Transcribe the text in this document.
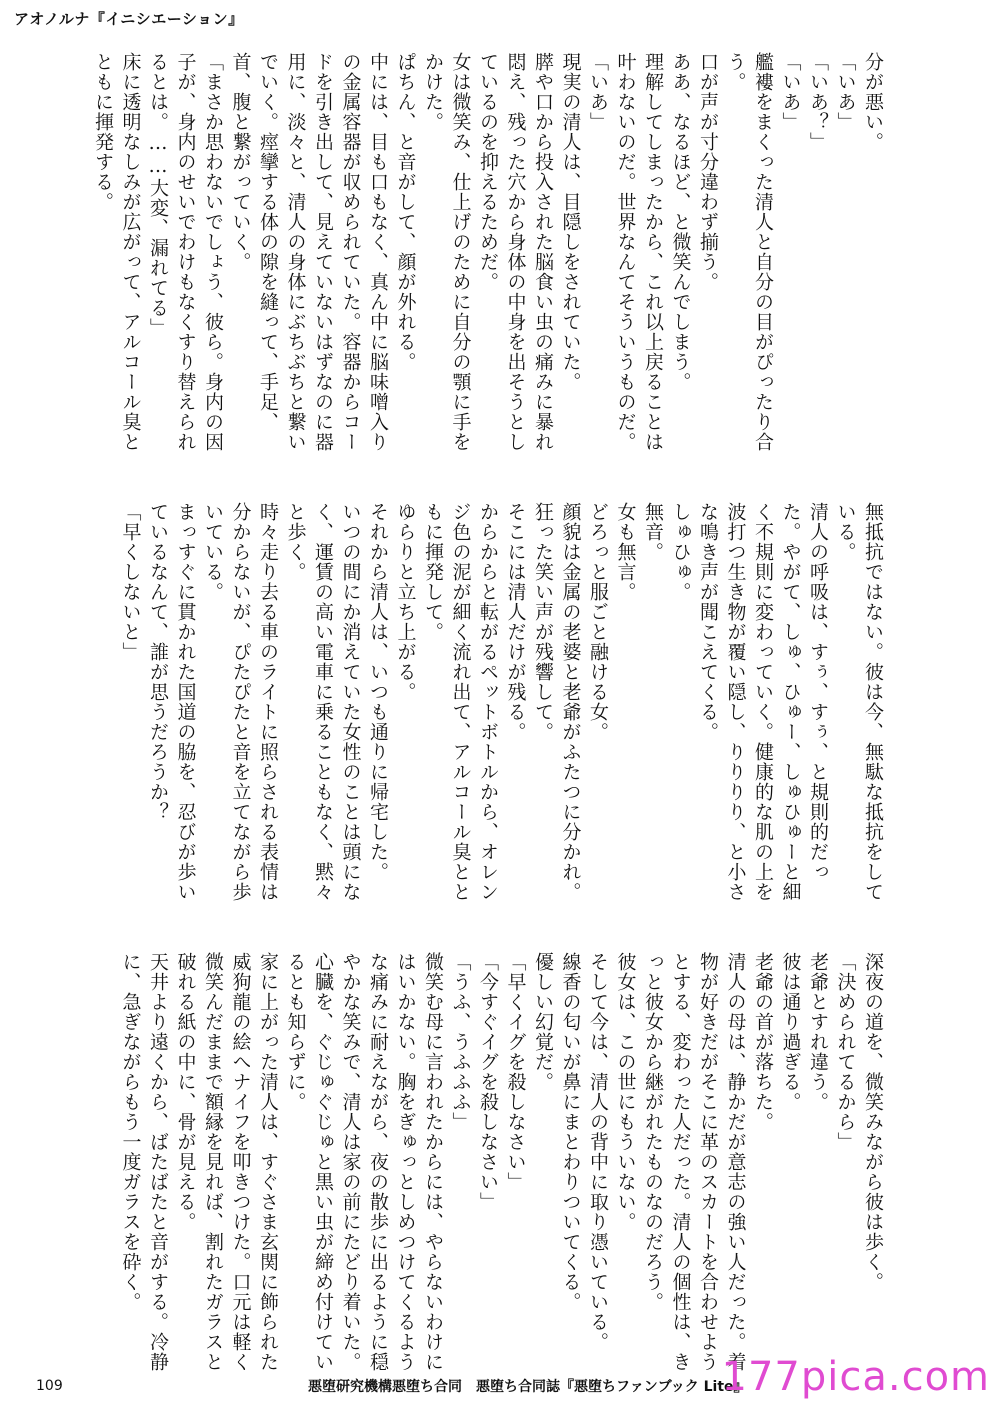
アオノルナ『イニシエーション』

分が悪い。

「いあ」

「いあ？」

「いあ」

艦褸をまくった清人と自分の目がぴったり合う。

口が声が寸分違わず揃う。

ああ、なるほど、と微笑んでしまう。

理解してしまったから、これ以上戻ることは叶わないのだ。世界なんてそういうものだ。

「いあ」

現実の清人は、目隠しをされていた。

膵や口から投入された脳食い虫の痛みに暴れ悶え、残った穴から身体の中身を出そうとしているのを抑えるためだ。

女は微笑み、仕上げのために自分の顎に手をかけた。

ぱちん、と音がして、顔が外れる。

中には、目も口もなく、真ん中に脳味噌入りの金属容器が収められていた。容器からコードを引き出して、見えていないはずなのに器用に、淡々と、清人の身体にぶちぶちと繋いでいく。痙攣する体の隙を縫って、手足、首、腹と繋がっていく。

「まさか思わないでしょう、彼ら。身内の因子が、身内のせいでわけもなくすり替えられるとは。……大変、漏れてる」

床に透明なしみが広がって、アルコール臭とともに揮発する。

無抵抗ではない。彼は今、無駄な抵抗をしている。

清人の呼吸は、すぅ、すぅ、と規則的だった。やがて、しゅ、ひゅー、しゅひゅーと細く不規則に変わっていく。健康的な肌の上を波打つ生き物が覆い隠し、りりりり、と小さな鳴き声が聞こえてくる。

しゅひゅ。

無音。

女も無言。

どろっと服ごと融ける女。

顔貌は金属の老婆と老爺がふたつに分かれ。

狂った笑い声が残響して。

そこには清人だけが残る。

からからと転がるペットボトルから、オレンジ色の泥が細く流れ出て、アルコール臭とともに揮発して。

ゆらりと立ち上がる。

それから清人は、いつも通りに帰宅した。

いつの間にか消えていた女性のことは頭になく、運賃の高い電車に乗ることもなく、黙々と歩く。

時々走り去る車のライトに照らされる表情は分からないが、ぴたぴたと音を立てながら歩いている。

まっすぐに貫かれた国道の脇を、忍びが歩いているなんて、誰が思うだろうか？

「早くしないと」

深夜の道を、微笑みながら彼は歩く。

「決められてるから」

老爺とすれ違う。

彼は通り過ぎる。

老爺の首が落ちた。

清人の母は、静かだが意志の強い人だった。着物が好きだがそこに革のスカートを合わせようとする、変わった人だった。清人の個性は、きっと彼女から継がれたものなのだろう。

彼女は、この世にもういない。

そして今は、清人の背中に取り憑いている。

線香の匂いが鼻にまとわりついてくる。

優しい幻覚だ。

「早くイグを殺しなさい」

「今すぐイグを殺しなさい」

「うふ、うふふふ」

微笑む母に言われたからには、やらないわけにはいかない。胸をぎゅっとしめつけてくるような痛みに耐えながら、夜の散歩に出るように穏やかな笑みで、清人は家の前にたどり着いた。心臓を、ぐじゅぐじゅと黒い虫が締め付けているとも知らずに。

家に上がった清人は、すぐさま玄関に飾られた威狗龍の絵へナイフを叩きつけた。口元は軽く微笑んだままで額縁を見れば、割れたガラスと破れる紙の中に、骨が見える。

天井より遠くから、ばたばたと音がする。冷静に、急ぎながらもう一度ガラスを砕く。

109	悪堕研究機構悪堕ち合同　悪堕ち合同誌『悪堕ちファンブック Lite』
177pica.com
